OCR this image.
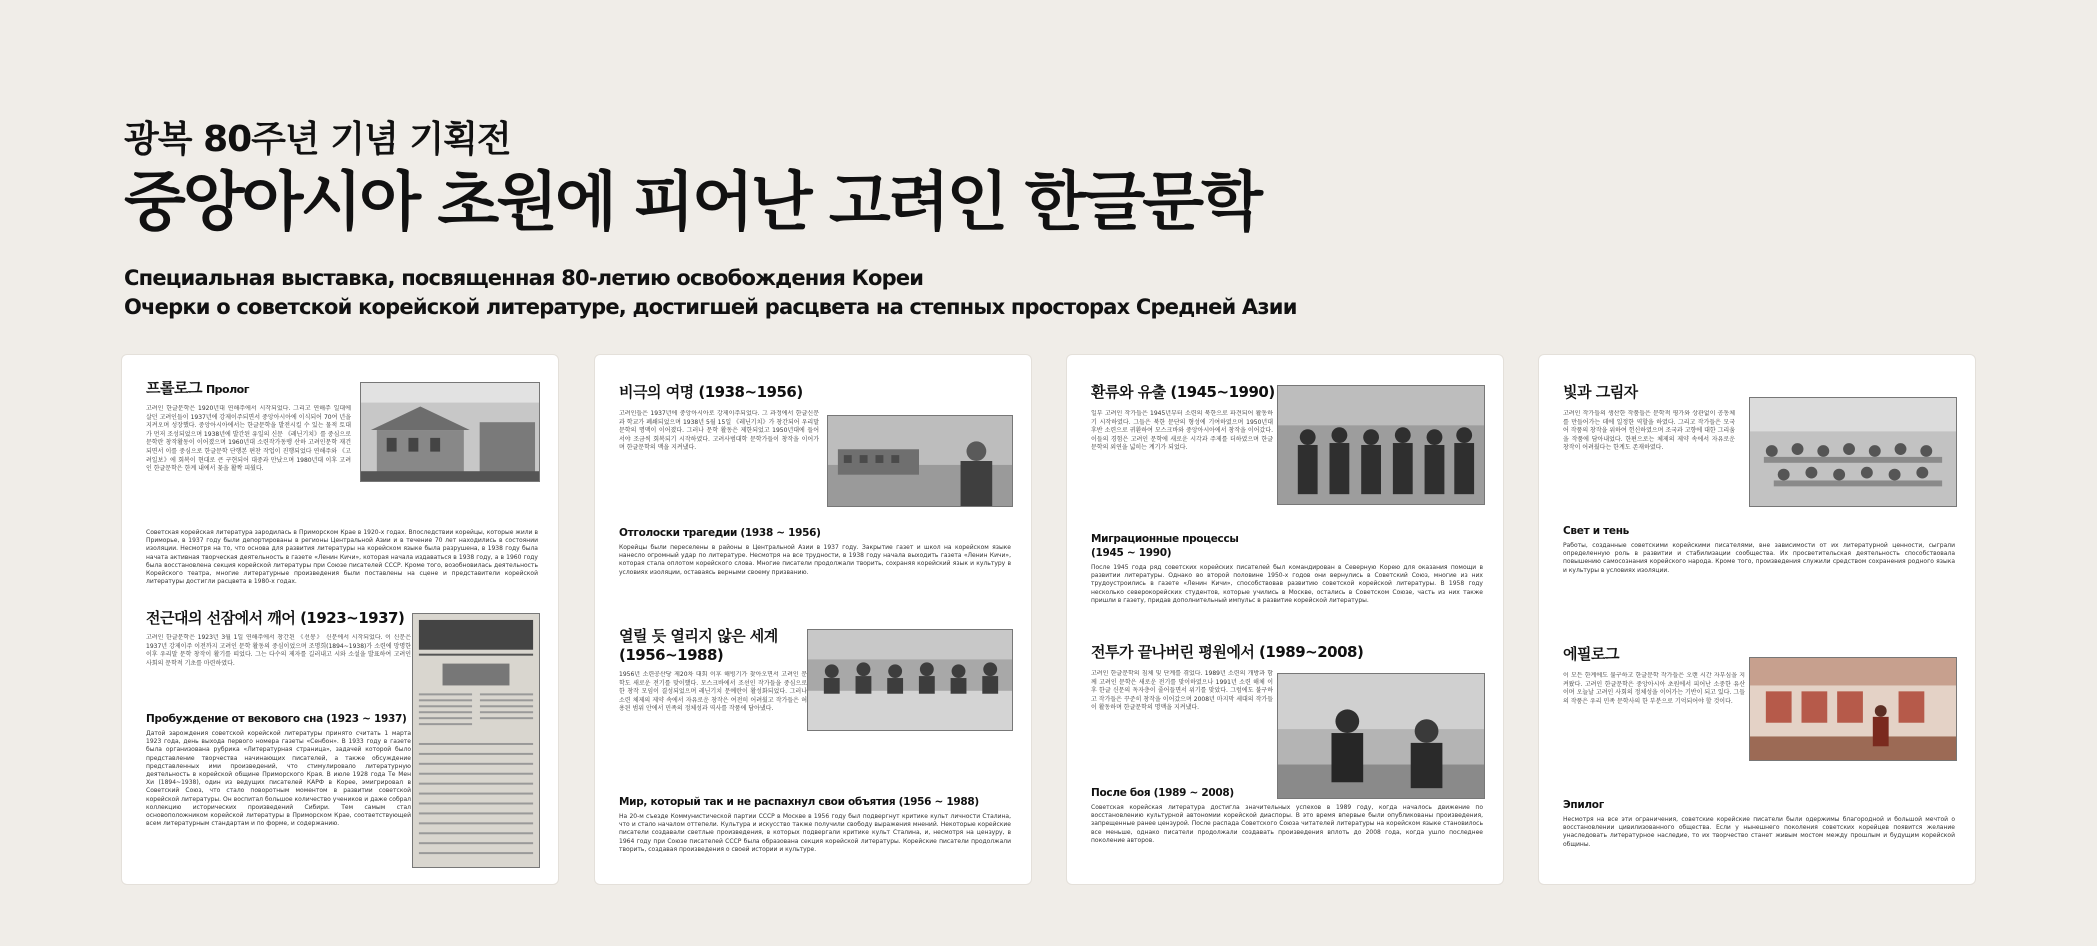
광복 80주년 기념 기획전
중앙아시아 초원에 피어난 고려인 한글문학
Специальная выставка, посвященная 80-летию освобождения Кореи
Очерки о советской корейской литературе, достигшей расцвета на степных просторах Средней Азии
프롤로그 Пролог
고려인 한글문학은 1920년대 연해주에서 시작되었다. 그리고 연해주 일대에 살던 고려인들이 1937년에 강제이주되면서 중앙아시아에 이식되어 70여 년을 지켜오며 성장했다. 중앙아시아에서는 한글문학을 발전시킬 수 있는 물적 토대가 먼저 조성되었으며 1938년에 발간된 유일의 신문 《레닌기치》를 중심으로 문학란 창작활동이 이어졌으며 1960년대 소련작가동맹 산하 고려인문학 재건되면서 이를 중심으로 한글문학 단행본 편찬 작업이 진행되었다 연해주와 《고려일보》에 회복이 현대로 큰 구현되어 대중과 만났으며 1980년대 이후 고려인 한글문학은 한계 내에서 꽃을 활짝 피웠다.
Советская корейская литература зародилась в Приморском Крае в 1920-х годах. Впоследствии корейцы, которые жили в Приморье, в 1937 году были депортированы в регионы Центральной Азии и в течение 70 лет находились в состоянии изоляции. Несмотря на то, что основа для развития литературы на корейском языке была разрушена, в 1938 году была начата активная творческая деятельность в газете «Ленин Кичи», которая начала издаваться в 1938 году, а в 1960 году была восстановлена секция корейской литературы при Союзе писателей СССР. Кроме того, возобновилась деятельность Корейского театра, многие литературные произведения были поставлены на сцене и представители корейской литературы достигли расцвета в 1980-х годах.
전근대의 선잠에서 깨어 (1923~1937)
고려인 한글문학은 1923년 3월 1일 연해주에서 창간된 《선봉》 신문에서 시작되었다. 이 신문은 1937년 강제이주 이전까지 고려인 문학 활동의 중심이었으며 조명희(1894~1938)가 소련에 망명한 이후 우리말 문학 창작이 활기를 띠었다. 그는 다수의 제자를 길러내고 시와 소설을 발표하여 고려인 사회의 문학적 기초를 마련하였다.
Пробуждение от векового сна (1923 ~ 1937)
Датой зарождения советской корейской литературы принято считать 1 марта 1923 года, день выхода первого номера газеты «Сенбон». В 1933 году в газете была организована рубрика «Литературная страница», задачей которой было представление творчества начинающих писателей, а также обсуждение представленных ими произведений, что стимулировало литературную деятельность в корейской общине Приморского Края. В июле 1928 года Те Мен Хи (1894~1938), один из ведущих писателей КАРФ в Корее, эмигрировал в Советский Союз, что стало поворотным моментом в развитии советской корейской литературы. Он воспитал большое количество учеников и даже собрал коллекцию исторических произведений Сибири. Тем самым стал основоположником корейской литературы в Приморском Крае, соответствующей всем литературным стандартам и по форме, и содержанию.
비극의 여명 (1938~1956)
고려인들은 1937년에 중앙아시아로 강제이주되었다. 그 과정에서 한글신문과 학교가 폐쇄되었으며 1938년 5월 15일 《레닌기치》가 창간되어 우리말 문학의 명맥이 이어졌다. 그러나 문학 활동은 제한되었고 1950년대에 들어서야 조금씩 회복되기 시작하였다. 고려사범대학 문학가들이 창작을 이어가며 한글문학의 맥을 지켜냈다.
Отголоски трагедии (1938 ~ 1956)
Корейцы были переселены в районы в Центральной Азии в 1937 году. Закрытие газет и школ на корейском языке нанесло огромный удар по литературе. Несмотря на все трудности, в 1938 году начала выходить газета «Ленин Кичи», которая стала оплотом корейского слова. Многие писатели продолжали творить, сохраняя корейский язык и культуру в условиях изоляции, оставаясь верными своему призванию.
열릴 듯 열리지 않은 세계 (1956~1988)
1956년 소련공산당 제20차 대회 이후 해빙기가 찾아오면서 고려인 문학도 새로운 전기를 맞이했다. 모스크바에서 조선인 작가들을 중심으로 한 창작 모임이 결성되었으며 레닌기치 문예란이 활성화되었다. 그러나 소련 체제의 제약 속에서 자유로운 창작은 여전히 어려웠고 작가들은 허용된 범위 안에서 민족의 정체성과 역사를 작품에 담아냈다.
Мир, который так и не распахнул свои объятия (1956 ~ 1988)
На 20-м съезде Коммунистической партии СССР в Москве в 1956 году был подвергнут критике культ личности Сталина, что и стало началом оттепели. Культура и искусство также получили свободу выражения мнений. Некоторые корейские писатели создавали светлые произведения, в которых подвергали критике культ Сталина, и, несмотря на цензуру, в 1964 году при Союзе писателей СССР была образована секция корейской литературы. Корейские писатели продолжали творить, создавая произведения о своей истории и культуре.
환류와 유출 (1945~1990)
일부 고려인 작가들은 1945년부터 소련의 북한으로 파견되어 활동하기 시작하였다. 그들은 북한 문단의 형성에 기여하였으며 1950년대 후반 소련으로 귀환하여 모스크바와 중앙아시아에서 창작을 이어갔다. 이들의 경험은 고려인 문학에 새로운 시각과 주제를 더하였으며 한글문학의 외연을 넓히는 계기가 되었다.
Миграционные процессы (1945 ~ 1990)
После 1945 года ряд советских корейских писателей был командирован в Северную Корею для оказания помощи в развитии литературы. Однако во второй половине 1950-х годов они вернулись в Советский Союз, многие из них трудоустроились в газете «Ленин Кичи», способствовав развитию советской корейской литературы. В 1958 году несколько северокорейских студентов, которые учились в Москве, остались в Советском Союзе, часть из них также пришли в газету, придав дополнительный импульс в развитие корейской литературы.
전투가 끝나버린 평원에서 (1989~2008)
고려인 한글문학의 침체 및 단계를 겪었다. 1989년 소련의 개방과 함께 고려인 문학은 새로운 전기를 맞이하였으나 1991년 소련 해체 이후 한글 신문의 독자층이 줄어들면서 위기를 맞았다. 그럼에도 불구하고 작가들은 꾸준히 창작을 이어갔으며 2008년 마지막 세대의 작가들이 활동하며 한글문학의 명맥을 지켜냈다.
После боя (1989 ~ 2008)
Советская корейская литература достигла значительных успехов в 1989 году, когда началось движение по восстановлению культурной автономии корейской диаспоры. В это время впервые были опубликованы произведения, запрещенные ранее цензурой. После распада Советского Союза читателей литературы на корейском языке становилось все меньше, однако писатели продолжали создавать произведения вплоть до 2008 года, когда ушло последнее поколение авторов.
빛과 그림자
고려인 작가들의 생산한 작품들은 문학적 평가와 상관없이 공동체를 만들어가는 데에 일정한 역할을 하였다. 그리고 작가들은 모국어 작품의 창작을 위하여 헌신하였으며 조국과 고향에 대한 그리움을 작품에 담아내었다. 한편으로는 체제의 제약 속에서 자유로운 창작이 어려웠다는 한계도 존재하였다.
Свет и тень
Работы, созданные советскими корейскими писателями, вне зависимости от их литературной ценности, сыграли определенную роль в развитии и стабилизации сообщества. Их просветительская деятельность способствовала повышению самосознания корейского народа. Кроме того, произведения служили средством сохранения родного языка и культуры в условиях изоляции.
에필로그
이 모든 한계에도 불구하고 한글문학 작가들은 오랜 시간 자부심을 지켜왔다. 고려인 한글문학은 중앙아시아 초원에서 피어난 소중한 유산이며 오늘날 고려인 사회의 정체성을 이어가는 기반이 되고 있다. 그들의 작품은 우리 민족 문학사의 한 부분으로 기억되어야 할 것이다.
Эпилог
Несмотря на все эти ограничения, советские корейские писатели были одержимы благородной и большой мечтой о восстановлении цивилизованного общества. Если у нынешнего поколения советских корейцев появится желание унаследовать литературное наследие, то их творчество станет живым мостом между прошлым и будущим корейской общины.
